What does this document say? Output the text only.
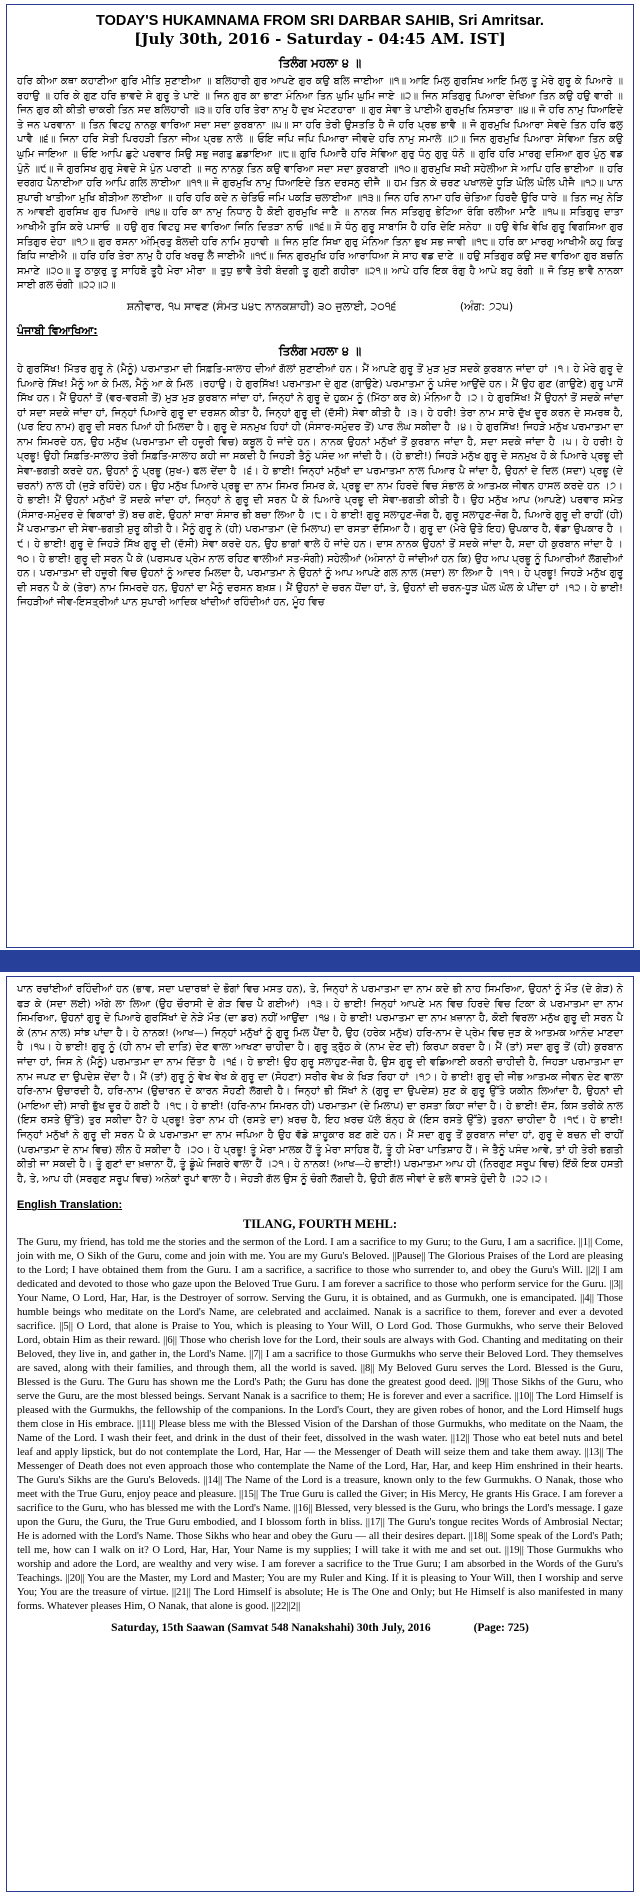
TODAY'S HUKAMNAMA FROM SRI DARBAR SAHIB, Sri Amritsar.
[July 30th, 2016 - Saturday - 04:45 AM. IST]
ਤਿਲੰਗ ਮਹਲਾ ੪ ॥

ਹਰਿ ਕੀਆ ਕਥਾ ਕਹਾਣੀਆ ਗੁਰਿ ਮੀਤਿ ਸੁਣਾਈਆ ॥ ਬਲਿਹਾਰੀ ਗੁਰ ਆਪਣੇ ਗੁਰ ਕਉ ਬਲਿ ਜਾਈਆ ॥੧॥ ਆਇ ਮਿਲੁ ਗੁਰਸਿਖ ਆਇ ਮਿਲੁ ਤੂ ਮੇਰੇ ਗੁਰੂ ਕੇ ਪਿਆਰੇ ॥ ਰਹਾਉ ॥ ਹਰਿ ਕੇ ਗੁਣ ਹਰਿ ਭਾਵਦੇ ਸੇ ਗੁਰੂ ਤੇ ਪਾਏ ॥ ਜਿਨ ਗੁਰ ਕਾ ਭਾਣਾ ਮੰਨਿਆ ਤਿਨ ਘੁਮਿ ਘੁਮਿ ਜਾਏ ॥੨॥ ਜਿਨ ਸਤਿਗੁਰੁ ਪਿਆਰਾ ਦੇਖਿਆ ਤਿਨ ਕਉ ਹਉ ਵਾਰੀ ॥ ਜਿਨ ਗੁਰ ਕੀ ਕੀਤੀ ਚਾਕਰੀ ਤਿਨ ਸਦ ਬਲਿਹਾਰੀ ॥੩॥ ਹਰਿ ਹਰਿ ਤੇਰਾ ਨਾਮੁ ਹੈ ਦੁਖ ਮੇਟਣਹਾਰਾ ॥ ਗੁਰ ਸੇਵਾ ਤੇ ਪਾਈਐ ਗੁਰਮੁਖਿ ਨਿਸਤਾਰਾ ॥੪॥ ਜੋ ਹਰਿ ਨਾਮੁ ਧਿਆਇਦੇ ਤੇ ਜਨ ਪਰਵਾਨਾ ॥ ਤਿਨ ਵਿਟਹੁ ਨਾਨਕੁ ਵਾਰਿਆ ਸਦਾ ਸਦਾ ਕੁਰਬਾਨਾ ॥੫॥ ਸਾ ਹਰਿ ਤੇਰੀ ਉਸਤਤਿ ਹੈ ਜੋ ਹਰਿ ਪ੍ਰਭ ਭਾਵੈ ॥ ਜੋ ਗੁਰਮੁਖਿ ਪਿਆਰਾ ਸੇਵਦੇ ਤਿਨ ਹਰਿ ਫਲੁ ਪਾਵੈ ॥੬॥ ਜਿਨਾ ਹਰਿ ਸੇਤੀ ਪਿਰਹੜੀ ਤਿਨਾ ਜੀਅ ਪ੍ਰਭ ਨਾਲੇ ॥ ਓਇ ਜਪਿ ਜਪਿ ਪਿਆਰਾ ਜੀਵਦੇ ਹਰਿ ਨਾਮੁ ਸਮਾਲੇ ॥੭॥ ਜਿਨ ਗੁਰਮੁਖਿ ਪਿਆਰਾ ਸੇਵਿਆ ਤਿਨ ਕਉ ਘੁਮਿ ਜਾਇਆ ॥ ਓਇ ਆਪਿ ਛੁਟੇ ਪਰਵਾਰ ਸਿਉ ਸਭੁ ਜਗਤੁ ਛਡਾਇਆ ॥੮॥ ਗੁਰਿ ਪਿਆਰੈ ਹਰਿ ਸੇਵਿਆ ਗੁਰੁ ਧੰਨੁ ਗੁਰੁ ਧੰਨੋ ॥ ਗੁਰਿ ਹਰਿ ਮਾਰਗੁ ਦਸਿਆ ਗੁਰ ਪੁੰਨੁ ਵਡ ਪੁੰਨੋ ॥੯॥ ਜੋ ਗੁਰਸਿਖ ਗੁਰੁ ਸੇਵਦੇ ਸੇ ਪੁੰਨ ਪਰਾਣੀ ॥ ਜਨੁ ਨਾਨਕੁ ਤਿਨ ਕਉ ਵਾਰਿਆ ਸਦਾ ਸਦਾ ਕੁਰਬਾਣੀ ॥੧੦॥ ਗੁਰਮੁਖਿ ਸਖੀ ਸਹੇਲੀਆ ਸੇ ਆਪਿ ਹਰਿ ਭਾਈਆ ॥ ਹਰਿ ਦਰਗਹ ਪੈਨਾਈਆ ਹਰਿ ਆਪਿ ਗਲਿ ਲਾਈਆ ॥੧੧॥ ਜੋ ਗੁਰਮੁਖਿ ਨਾਮੁ ਧਿਆਇਦੇ ਤਿਨ ਦਰਸਨੁ ਦੀਜੈ ॥ ਹਮ ਤਿਨ ਕੇ ਚਰਣ ਪਖਾਲਦੇ ਧੂੜਿ ਘੋਲਿ ਘੋਲਿ ਪੀਜੈ ॥੧੨॥ ਪਾਨ ਸੁਪਾਰੀ ਖਾਤੀਆ ਮੁਖਿ ਬੀੜੀਆ ਲਾਈਆ ॥ ਹਰਿ ਹਰਿ ਕਦੇ ਨ ਚੇਤਿਓ ਜਮਿ ਪਕੜਿ ਚਲਾਈਆ ॥੧੩॥ ਜਿਨ ਹਰਿ ਨਾਮਾ ਹਰਿ ਚੇਤਿਆ ਹਿਰਦੈ ਉਰਿ ਧਾਰੇ ॥ ਤਿਨ ਜਮੁ ਨੇੜਿ ਨ ਆਵਈ ਗੁਰਸਿਖ ਗੁਰ ਪਿਆਰੇ ॥੧੪॥ ਹਰਿ ਕਾ ਨਾਮੁ ਨਿਧਾਨੁ ਹੈ ਕੋਈ ਗੁਰਮੁਖਿ ਜਾਣੈ ॥ ਨਾਨਕ ਜਿਨ ਸਤਿਗੁਰੁ ਭੇਟਿਆ ਰੰਗਿ ਰਲੀਆ ਮਾਣੈ ॥੧੫॥ ਸਤਿਗੁਰੁ ਦਾਤਾ ਆਖੀਐ ਤੁਸਿ ਕਰੇ ਪਸਾਓ ॥ ਹਉ ਗੁਰ ਵਿਟਹੁ ਸਦ ਵਾਰਿਆ ਜਿਨਿ ਦਿਤੜਾ ਨਾਓ ॥੧੬॥ ਸੋ ਧੰਨੁ ਗੁਰੂ ਸਾਬਾਸਿ ਹੈ ਹਰਿ ਦੇਇ ਸਨੇਹਾ ॥ ਹਉ ਵੇਖਿ ਵੇਖਿ ਗੁਰੂ ਵਿਗਸਿਆ ਗੁਰ ਸਤਿਗੁਰ ਦੇਹਾ ॥੧੭॥ ਗੁਰ ਰਸਨਾ ਅੰਮ੍ਰਿਤੁ ਬੋਲਦੀ ਹਰਿ ਨਾਮਿ ਸੁਹਾਵੀ ॥ ਜਿਨ ਸੁਣਿ ਸਿਖਾ ਗੁਰੁ ਮੰਨਿਆ ਤਿਨਾ ਭੁਖ ਸਭ ਜਾਵੀ ॥੧੮॥ ਹਰਿ ਕਾ ਮਾਰਗੁ ਆਖੀਐ ਕਹੁ ਕਿਤੁ ਬਿਧਿ ਜਾਈਐ ॥ ਹਰਿ ਹਰਿ ਤੇਰਾ ਨਾਮੁ ਹੈ ਹਰਿ ਖਰਚੁ ਲੈ ਜਾਈਐ ॥੧੯॥ ਜਿਨ ਗੁਰਮੁਖਿ ਹਰਿ ਆਰਾਧਿਆ ਸੇ ਸਾਹ ਵਡ ਦਾਣੇ ॥ ਹਉ ਸਤਿਗੁਰ ਕਉ ਸਦ ਵਾਰਿਆ ਗੁਰ ਬਚਨਿ ਸਮਾਣੇ ॥੨੦॥ ਤੂ ਠਾਕੁਰੁ ਤੂ ਸਾਹਿਬੋ ਤੂਹੈ ਮੇਰਾ ਮੀਰਾ ॥ ਤੁਧੁ ਭਾਵੈ ਤੇਰੀ ਬੰਦਗੀ ਤੂ ਗੁਣੀ ਗਹੀਰਾ ॥੨੧॥ ਆਪੇ ਹਰਿ ਇਕ ਰੰਗੁ ਹੈ ਆਪੇ ਬਹੁ ਰੰਗੀ ॥ ਜੋ ਤਿਸੁ ਭਾਵੈ ਨਾਨਕਾ ਸਾਈ ਗਲ ਚੰਗੀ ॥੨੨॥੨॥

ਸ਼ਨੀਵਾਰ, ੧੫ ਸਾਵਣ (ਸੰਮਤ ੫੪੮ ਨਾਨਕਸ਼ਾਹੀ) ੩੦ ਜੁਲਾਈ, ੨੦੧੬	(ਅੰਗ: ੭੨੫)
ਪੰਜਾਬੀ ਵਿਆਖਿਆ:
ਤਿਲੰਗ ਮਹਲਾ ੪ ॥

ਹੇ ਗੁਰਸਿੱਖ! ਮਿੱਤਰ ਗੁਰੂ ਨੇ (ਮੈਨੂੰ) ਪਰਮਾਤਮਾ ਦੀ ਸਿਫ਼ਤਿ-ਸਾਲਾਹ ਦੀਆਂ ਗੱਲਾਂ ਸੁਣਾਈਆਂ ਹਨ। ਮੈਂ ਆਪਣੇ ਗੁਰੂ ਤੋਂ ਮੁੜ ਮੁੜ ਸਦਕੇ ਕੁਰਬਾਨ ਜਾਂਦਾ ਹਾਂ ।੧। ਹੇ ਮੇਰੇ ਗੁਰੂ ਦੇ ਪਿਆਰੇ ਸਿੱਖ! ਮੈਨੂੰ ਆ ਕੇ ਮਿਲ, ਮੈਨੂੰ ਆ ਕੇ ਮਿਲ ।ਰਹਾਉ। ਹੇ ਗੁਰਸਿੱਖ! ਪਰਮਾਤਮਾ ਦੇ ਗੁਣ (ਗਾਉਣੇ) ਪਰਮਾਤਮਾ ਨੂੰ ਪਸੰਦ ਆਉਂਦੇ ਹਨ। ਮੈਂ ਉਹ ਗੁਣ (ਗਾਉਣੇ) ਗੁਰੂ ਪਾਸੋਂ ਸਿੱਖ ਹਨ। ਮੈਂ ਉਹਨਾਂ ਤੋਂ (ਵਰ-ਵਰਸ਼ੀ ਤੋਂ) ਮੁੜ ਮੁੜ ਕੁਰਬਾਨ ਜਾਂਦਾ ਹਾਂ, ਜਿਨ੍ਹਾਂ ਨੇ ਗੁਰੂ ਦੇ ਹੁਕਮ ਨੂੰ (ਮਿੱਠਾ ਕਰ ਕੇ) ਮੰਨਿਆ ਹੈ ।੨। ਹੇ ਗੁਰਸਿੱਖ! ਮੈਂ ਉਹਨਾਂ ਤੋਂ ਸਦਕੇ ਜਾਂਦਾ ਹਾਂ ਸਦਾ ਸਦਕੇ ਜਾਂਦਾ ਹਾਂ, ਜਿਨ੍ਹਾਂ ਪਿਆਰੇ ਗੁਰੂ ਦਾ ਦਰਸ਼ਨ ਕੀਤਾ ਹੈ, ਜਿਨ੍ਹਾਂ ਗੁਰੂ ਦੀ (ਦੱਸੀ) ਸੇਵਾ ਕੀਤੀ ਹੈ ।੩। ਹੇ ਹਰੀ! ਤੇਰਾ ਨਾਮ ਸਾਰੇ ਦੁੱਖ ਦੂਰ ਕਰਨ ਦੇ ਸਮਰਥ ਹੈ, (ਪਰ ਇਹ ਨਾਮ) ਗੁਰੂ ਦੀ ਸਰਨ ਪਿਆਂ ਹੀ ਮਿਲਦਾ ਹੈ। ਗੁਰੂ ਦੇ ਸਨਮੁਖ ਹਿਹਾਂ ਹੀ (ਸੰਸਾਰ-ਸਮੁੰਦਰ ਤੋਂ) ਪਾਰ ਲੰਘ ਸਕੀਦਾ ਹੈ ।੪। ਹੇ ਗੁਰਸਿੱਖ! ਜਿਹੜੇ ਮਨੁੱਖ ਪਰਮਾਤਮਾ ਦਾ ਨਾਮ ਸਿਮਰਦੇ ਹਨ, ਉਹ ਮਨੁੱਖ (ਪਰਮਾਤਮਾ ਦੀ ਹਜ਼ੂਰੀ ਵਿਚ) ਕਬੂਲ ਹੋ ਜਾਂਦੇ ਹਨ। ਨਾਨਕ ਉਹਨਾਂ ਮਨੁੱਖਾਂ ਤੋਂ ਕੁਰਬਾਨ ਜਾਂਦਾ ਹੈ, ਸਦਾ ਸਦਕੇ ਜਾਂਦਾ ਹੈ ।੫। ਹੇ ਹਰੀ! ਹੇ ਪ੍ਰਭੂ! ਉਹੀ ਸਿਫ਼ਤਿ-ਸਾਲਾਹ ਤੇਰੀ ਸਿਫ਼ਤਿ-ਸਾਲਾਹ ਕਹੀ ਜਾ ਸਕਦੀ ਹੈ ਜਿਹੜੀ ਤੈਨੂੰ ਪਸੰਦ ਆ ਜਾਂਦੀ ਹੈ। (ਹੇ ਭਾਈ!) ਜਿਹੜੇ ਮਨੁੱਖ ਗੁਰੂ ਦੇ ਸਨਮੁਖ ਹੋ ਕੇ ਪਿਆਰੇ ਪ੍ਰਭੂ ਦੀ ਸੇਵਾ-ਭਗਤੀ ਕਰਦੇ ਹਨ, ਉਹਨਾਂ ਨੂੰ ਪ੍ਰਭੂ (ਸੁਖ-) ਫਲ ਦੇਂਦਾ ਹੈ ।੬। ਹੇ ਭਾਈ! ਜਿਨ੍ਹਾਂ ਮਨੁੱਖਾਂ ਦਾ ਪਰਮਾਤਮਾ ਨਾਲ ਪਿਆਰ ਪੈ ਜਾਂਦਾ ਹੈ, ਉਹਨਾਂ ਦੇ ਦਿਲ (ਸਦਾ) ਪ੍ਰਭੂ (ਦੇ ਚਰਨਾਂ) ਨਾਲ ਹੀ (ਜੁੜੇ ਰਹਿੰਦੇ) ਹਨ। ਉਹ ਮਨੁੱਖ ਪਿਆਰੇ ਪ੍ਰਭੂ ਦਾ ਨਾਮ ਸਿਮਰ ਸਿਮਰ ਕੇ, ਪ੍ਰਭੂ ਦਾ ਨਾਮ ਹਿਰਦੇ ਵਿਚ ਸੰਭਾਲ ਕੇ ਆਤਮਕ ਜੀਵਨ ਹਾਸਲ ਕਰਦੇ ਹਨ ।੭। ਹੇ ਭਾਈ! ਮੈਂ ਉਹਨਾਂ ਮਨੁੱਖਾਂ ਤੋਂ ਸਦਕੇ ਜਾਂਦਾ ਹਾਂ, ਜਿਨ੍ਹਾਂ ਨੇ ਗੁਰੂ ਦੀ ਸਰਨ ਪੈ ਕੇ ਪਿਆਰੇ ਪ੍ਰਭੂ ਦੀ ਸੇਵਾ-ਭਗਤੀ ਕੀਤੀ ਹੈ। ਉਹ ਮਨੁੱਖ ਆਪ (ਆਪਣੇ) ਪਰਵਾਰ ਸਮੇਤ (ਸੰਸਾਰ-ਸਮੁੰਦਰ ਦੇ ਵਿਕਾਰਾਂ ਤੋਂ) ਬਚ ਗਏ, ਉਹਨਾਂ ਸਾਰਾ ਸੰਸਾਰ ਭੀ ਬਚਾ ਲਿਆ ਹੈ ।੮। ਹੇ ਭਾਈ! ਗੁਰੂ ਸਲਾਹੁਣ-ਜੋਗ ਹੈ, ਗੁਰੂ ਸਲਾਹੁਣ-ਜੋਗ ਹੈ, ਪਿਆਰੇ ਗੁਰੂ ਦੀ ਰਾਹੀਂ (ਹੀ) ਮੈਂ ਪਰਮਾਤਮਾ ਦੀ ਸੇਵਾ-ਭਗਤੀ ਸ਼ੁਰੂ ਕੀਤੀ ਹੈ। ਮੈਨੂੰ ਗੁਰੂ ਨੇ (ਹੀ) ਪਰਮਾਤਮਾ (ਦੇ ਮਿਲਾਪ) ਦਾ ਰਸਤਾ ਦੱਸਿਆ ਹੈ। ਗੁਰੂ ਦਾ (ਮੇਰੇ ਉਤੇ ਇਹ) ਉਪਕਾਰ ਹੈ, ਵੱਡਾ ਉਪਕਾਰ ਹੈ ।੯। ਹੇ ਭਾਈ! ਗੁਰੂ ਦੇ ਜਿਹੜੇ ਸਿੱਖ ਗੁਰੂ ਦੀ (ਦੱਸੀ) ਸੇਵਾ ਕਰਦੇ ਹਨ, ਉਹ ਭਾਗਾਂ ਵਾਲੇ ਹੋ ਜਾਂਦੇ ਹਨ। ਦਾਸ ਨਾਨਕ ਉਹਨਾਂ ਤੋਂ ਸਦਕੇ ਜਾਂਦਾ ਹੈ, ਸਦਾ ਹੀ ਕੁਰਬਾਨ ਜਾਂਦਾ ਹੈ ।੧੦। ਹੇ ਭਾਈ! ਗੁਰੂ ਦੀ ਸਰਨ ਪੈ ਕੇ (ਪਰਸਪਰ ਪ੍ਰੇਮ ਨਾਲ ਰਹਿਣ ਵਾਲੀਆਂ ਸਤ-ਸੰਗੀ) ਸਹੇਲੀਆਂ (ਅੰਸਾਨਾਂ ਹੋ ਜਾਂਦੀਆਂ ਹਨ ਕਿ) ਉਹ ਆਪ ਪ੍ਰਭੂ ਨੂੰ ਪਿਆਰੀਆਂ ਲੱਗਦੀਆਂ ਹਨ। ਪਰਮਾਤਮਾ ਦੀ ਹਜ਼ੂਰੀ ਵਿਚ ਉਹਨਾਂ ਨੂੰ ਆਦਰ ਮਿਲਦਾ ਹੈ, ਪਰਮਾਤਮਾ ਨੇ ਉਹਨਾਂ ਨੂੰ ਆਪ ਆਪਣੇ ਗਲ ਨਾਲ (ਸਦਾ) ਲਾ ਲਿਆ ਹੈ ।੧੧। ਹੇ ਪ੍ਰਭੂ! ਜਿਹੜੇ ਮਨੁੱਖ ਗੁਰੂ ਦੀ ਸਰਨ ਪੈ ਕੇ (ਤੇਰਾ) ਨਾਮ ਸਿਮਰਦੇ ਹਨ, ਉਹਨਾਂ ਦਾ ਮੈਨੂੰ ਦਰਸਨ ਬਖ਼ਸ਼। ਮੈਂ ਉਹਨਾਂ ਦੇ ਚਰਨ ਧੋਂਦਾ ਹਾਂ, ਤੇ, ਉਹਨਾਂ ਦੀ ਚਰਨ-ਧੂੜ ਘੋਲ ਘੋਲ ਕੇ ਪੀਂਦਾ ਹਾਂ ।੧੨। ਹੇ ਭਾਈ! ਜਿਹੜੀਆਂ ਜੀਵ-ਇਸਤ੍ਰੀਆਂ ਪਾਨ ਸੁਪਾਰੀ ਆਦਿਕ ਖਾਂਦੀਆਂ ਰਹਿੰਦੀਆਂ ਹਨ, ਮੂੰਹ ਵਿਚ

ਪਾਨ ਰਚਾਂਈਆਂ ਰਹਿੰਦੀਆਂ ਹਨ (ਭਾਵ, ਸਦਾ ਪਦਾਰਥਾਂ ਦੇ ਭੋਗਾਂ ਵਿਚ ਮਸਤ ਹਨ), ਤੇ, ਜਿਨ੍ਹਾਂ ਨੇ ਪਰਮਾਤਮਾ ਦਾ ਨਾਮ ਕਦੇ ਭੀ ਨਾਹ ਸਿਮਰਿਆ, ਉਹਨਾਂ ਨੂੰ ਮੌਤ (ਦੇ ਗੇੜ) ਨੇ ਫੜ ਕੇ (ਸਦਾ ਲਈ) ਅੱਗੇ ਲਾ ਲਿਆ (ਉਹ ਚੌਰਾਸੀ ਦੇ ਗੇੜ ਵਿਚ ਪੈ ਗਈਆਂ) ।੧੩। ਹੇ ਭਾਈ! ਜਿਨ੍ਹਾਂ ਆਪਣੇ ਮਨ ਵਿਚ ਹਿਰਦੇ ਵਿਚ ਟਿਕਾ ਕੇ ਪਰਮਾਤਮਾ ਦਾ ਨਾਮ ਸਿਮਰਿਆ, ਉਹਨਾਂ ਗੁਰੂ ਦੇ ਪਿਆਰੇ ਗੁਰਸਿੱਖਾਂ ਦੇ ਨੇੜੇ ਮੌਤ (ਦਾ ਡਰ) ਨਹੀਂ ਆਉਂਦਾ ।੧੪। ਹੇ ਭਾਈ! ਪਰਮਾਤਮਾ ਦਾ ਨਾਮ ਖ਼ਜ਼ਾਨਾ ਹੈ, ਕੋਈ ਵਿਰਲਾ ਮਨੁੱਖ ਗੁਰੂ ਦੀ ਸਰਨ ਪੈ ਕੇ (ਨਾਮ ਨਾਲ) ਸਾਂਝ ਪਾਂਦਾ ਹੈ। ਹੇ ਨਾਨਕ! (ਆਖ—) ਜਿਨ੍ਹਾਂ ਮਨੁੱਖਾਂ ਨੂੰ ਗੁਰੂ ਮਿਲ ਪੈਂਦਾ ਹੈ, ਉਹ (ਹਰੇਕ ਮਨੁੱਖ) ਹਰਿ-ਨਾਮ ਦੇ ਪ੍ਰੇਮ ਵਿਚ ਜੁੜ ਕੇ ਆਤਮਕ ਆਨੰਦ ਮਾਣਦਾ ਹੈ ।੧੫। ਹੇ ਭਾਈ! ਗੁਰੂ ਨੂੰ (ਹੀ ਨਾਮ ਦੀ ਦਾਤਿ) ਦੇਣ ਵਾਲਾ ਆਖਣਾ ਚਾਹੀਦਾ ਹੈ। ਗੁਰੂ ਤ੍ਰੁੱਠ ਕੇ (ਨਾਮ ਦੇਣ ਦੀ) ਕਿਰਪਾ ਕਰਦਾ ਹੈ। ਮੈਂ (ਤਾਂ) ਸਦਾ ਗੁਰੂ ਤੋਂ (ਹੀ) ਕੁਰਬਾਨ ਜਾਂਦਾ ਹਾਂ, ਜਿਸ ਨੇ (ਮੈਨੂੰ) ਪਰਮਾਤਮਾ ਦਾ ਨਾਮ ਦਿੱਤਾ ਹੈ ।੧੬। ਹੇ ਭਾਈ! ਉਹ ਗੁਰੂ ਸਲਾਹੁਣ-ਜੋਗ ਹੈ, ਉਸ ਗੁਰੂ ਦੀ ਵਡਿਆਈ ਕਰਨੀ ਚਾਹੀਦੀ ਹੈ, ਜਿਹੜਾ ਪਰਮਾਤਮਾ ਦਾ ਨਾਮ ਜਪਣ ਦਾ ਉਪਦੇਸ਼ ਦੇਂਦਾ ਹੈ। ਮੈਂ (ਤਾਂ) ਗੁਰੂ ਨੂੰ ਵੇਖ ਵੇਖ ਕੇ ਗੁਰੂ ਦਾ (ਸੋਹਣਾ) ਸਰੀਰ ਵੇਖ ਕੇ ਖਿੜ ਰਿਹਾ ਹਾਂ ।੧੭। ਹੇ ਭਾਈ! ਗੁਰੂ ਦੀ ਜੀਭ ਆਤਮਕ ਜੀਵਨ ਦੇਣ ਵਾਲਾ ਹਰਿ-ਨਾਮ ਉਚਾਰਦੀ ਹੈ, ਹਰਿ-ਨਾਮ (ਉਚਾਰਨ ਦੇ ਕਾਰਨ ਸੋਹਣੀ ਲੱਗਦੀ ਹੈ। ਜਿਨ੍ਹਾਂ ਭੀ ਸਿੱਖਾਂ ਨੇ (ਗੁਰੂ ਦਾ ਉਪਦੇਸ਼) ਸੁਣ ਕੇ ਗੁਰੂ ਉੱਤੇ ਯਕੀਨ ਲਿਆਂਦਾ ਹੈ, ਉਹਨਾਂ ਦੀ (ਮਾਇਆ ਦੀ) ਸਾਰੀ ਭੁੱਖ ਦੂਰ ਹੋ ਗਈ ਹੈ ।੧੮। ਹੇ ਭਾਈ! (ਹਰਿ-ਨਾਮ ਸਿਮਰਨ ਹੀ) ਪਰਮਾਤਮਾ (ਦੇ ਮਿਲਾਪ) ਦਾ ਰਸਤਾ ਕਿਹਾ ਜਾਂਦਾ ਹੈ। ਹੇ ਭਾਈ! ਦੱਸ, ਕਿਸ ਤਰੀਕੇ ਨਾਲ (ਇਸ ਰਸਤੇ ਉੱਤੇ) ਤੁਰ ਸਕੀਦਾ ਹੈ? ਹੇ ਪ੍ਰਭੂ! ਤੇਰਾ ਨਾਮ ਹੀ (ਰਸਤੇ ਦਾ) ਖ਼ਰਚ ਹੈ, ਇਹ ਖ਼ਰਚ ਪੱਲੇ ਬੰਨ੍ਹ ਕੇ (ਇਸ ਰਸਤੇ ਉੱਤੇ) ਤੁਰਨਾ ਚਾਹੀਦਾ ਹੈ ।੧੯। ਹੇ ਭਾਈ! ਜਿਨ੍ਹਾਂ ਮਨੁੱਖਾਂ ਨੇ ਗੁਰੂ ਦੀ ਸਰਨ ਪੈ ਕੇ ਪਰਮਾਤਮਾ ਦਾ ਨਾਮ ਜਪਿਆ ਹੈ ਉਹ ਵੱਡੇ ਸ਼ਾਹੂਕਾਰ ਬਣ ਗਏ ਹਨ। ਮੈਂ ਸਦਾ ਗੁਰੂ ਤੋਂ ਕੁਰਬਾਨ ਜਾਂਦਾ ਹਾਂ, ਗੁਰੂ ਦੇ ਬਚਨ ਦੀ ਰਾਹੀਂ (ਪਰਮਾਤਮਾ ਦੇ ਨਾਮ ਵਿਚ) ਲੀਨ ਹੋ ਸਕੀਦਾ ਹੈ ।੨੦। ਹੇ ਪ੍ਰਭੂ! ਤੂੰ ਮੇਰਾ ਮਾਲਕ ਹੈਂ ਤੂੰ ਮੇਰਾ ਸਾਹਿਬ ਹੈਂ, ਤੂੰ ਹੀ ਮੇਰਾ ਪਾਤਿਸ਼ਾਹ ਹੈਂ। ਜੇ ਤੈਨੂੰ ਪਸੰਦ ਆਵੇ, ਤਾਂ ਹੀ ਤੇਰੀ ਭਗਤੀ ਕੀਤੀ ਜਾ ਸਕਦੀ ਹੈ। ਤੂੰ ਗੁਣਾਂ ਦਾ ਖ਼ਜ਼ਾਨਾ ਹੈਂ, ਤੂੰ ਡੂੰਘੇ ਜਿਗਰੇ ਵਾਲਾ ਹੈਂ ।੨੧। ਹੇ ਨਾਨਕ! (ਆਖ—ਹੇ ਭਾਈ!) ਪਰਮਾਤਮਾ ਆਪ ਹੀ (ਨਿਰਗੁਣ ਸਰੂਪ ਵਿਚ) ਇੱਕੋ ਇਕ ਹਸਤੀ ਹੈ, ਤੇ, ਆਪ ਹੀ (ਸਰਗੁਣ ਸਰੂਪ ਵਿਚ) ਅਨੇਕਾਂ ਰੂਪਾਂ ਵਾਲਾ ਹੈ। ਜੇਹੜੀ ਗੱਲ ਉਸ ਨੂੰ ਚੰਗੀ ਲੱਗਦੀ ਹੈ, ਉਹੀ ਗੱਲ ਜੀਵਾਂ ਦੇ ਭਲੇ ਵਾਸਤੇ ਹੁੰਦੀ ਹੈ ।੨੨।੨।

English Translation:
TILANG, FOURTH MEHL:

The Guru, my friend, has told me the stories and the sermon of the Lord. I am a sacrifice to my Guru; to the Guru, I am a sacrifice. ||1|| Come, join with me, O Sikh of the Guru, come and join with me. You are my Guru's Beloved. ||Pause|| The Glorious Praises of the Lord are pleasing to the Lord; I have obtained them from the Guru. I am a sacrifice, a sacrifice to those who surrender to, and obey the Guru's Will. ||2|| I am dedicated and devoted to those who gaze upon the Beloved True Guru. I am forever a sacrifice to those who perform service for the Guru. ||3|| Your Name, O Lord, Har, Har, is the Destroyer of sorrow. Serving the Guru, it is obtained, and as Gurmukh, one is emancipated. ||4|| Those humble beings who meditate on the Lord's Name, are celebrated and acclaimed. Nanak is a sacrifice to them, forever and ever a devoted sacrifice. ||5|| O Lord, that alone is Praise to You, which is pleasing to Your Will, O Lord God. Those Gurmukhs, who serve their Beloved Lord, obtain Him as their reward. ||6|| Those who cherish love for the Lord, their souls are always with God. Chanting and meditating on their Beloved, they live in, and gather in, the Lord's Name. ||7|| I am a sacrifice to those Gurmukhs who serve their Beloved Lord. They themselves are saved, along with their families, and through them, all the world is saved. ||8|| My Beloved Guru serves the Lord. Blessed is the Guru, Blessed is the Guru. The Guru has shown me the Lord's Path; the Guru has done the greatest good deed. ||9|| Those Sikhs of the Guru, who serve the Guru, are the most blessed beings. Servant Nanak is a sacrifice to them; He is forever and ever a sacrifice. ||10|| The Lord Himself is pleased with the Gurmukhs, the fellowship of the companions. In the Lord's Court, they are given robes of honor, and the Lord Himself hugs them close in His embrace. ||11|| Please bless me with the Blessed Vision of the Darshan of those Gurmukhs, who meditate on the Naam, the Name of the Lord. I wash their feet, and drink in the dust of their feet, dissolved in the wash water. ||12|| Those who eat betel nuts and betel leaf and apply lipstick, but do not contemplate the Lord, Har, Har — the Messenger of Death will seize them and take them away. ||13|| The Messenger of Death does not even approach those who contemplate the Name of the Lord, Har, Har, and keep Him enshrined in their hearts. The Guru's Sikhs are the Guru's Beloveds. ||14|| The Name of the Lord is a treasure, known only to the few Gurmukhs. O Nanak, those who meet with the True Guru, enjoy peace and pleasure. ||15|| The True Guru is called the Giver; in His Mercy, He grants His Grace. I am forever a sacrifice to the Guru, who has blessed me with the Lord's Name. ||16|| Blessed, very blessed is the Guru, who brings the Lord's message. I gaze upon the Guru, the Guru, the True Guru embodied, and I blossom forth in bliss. ||17|| The Guru's tongue recites Words of Ambrosial Nectar; He is adorned with the Lord's Name. Those Sikhs who hear and obey the Guru — all their desires depart. ||18|| Some speak of the Lord's Path; tell me, how can I walk on it? O Lord, Har, Har, Your Name is my supplies; I will take it with me and set out. ||19|| Those Gurmukhs who worship and adore the Lord, are wealthy and very wise. I am forever a sacrifice to the True Guru; I am absorbed in the Words of the Guru's Teachings. ||20|| You are the Master, my Lord and Master; You are my Ruler and King. If it is pleasing to Your Will, then I worship and serve You; You are the treasure of virtue. ||21|| The Lord Himself is absolute; He is The One and Only; but He Himself is also manifested in many forms. Whatever pleases Him, O Nanak, that alone is good. ||22||2||

Saturday, 15th Saawan (Samvat 548 Nanakshahi) 30th July, 2016	(Page: 725)
